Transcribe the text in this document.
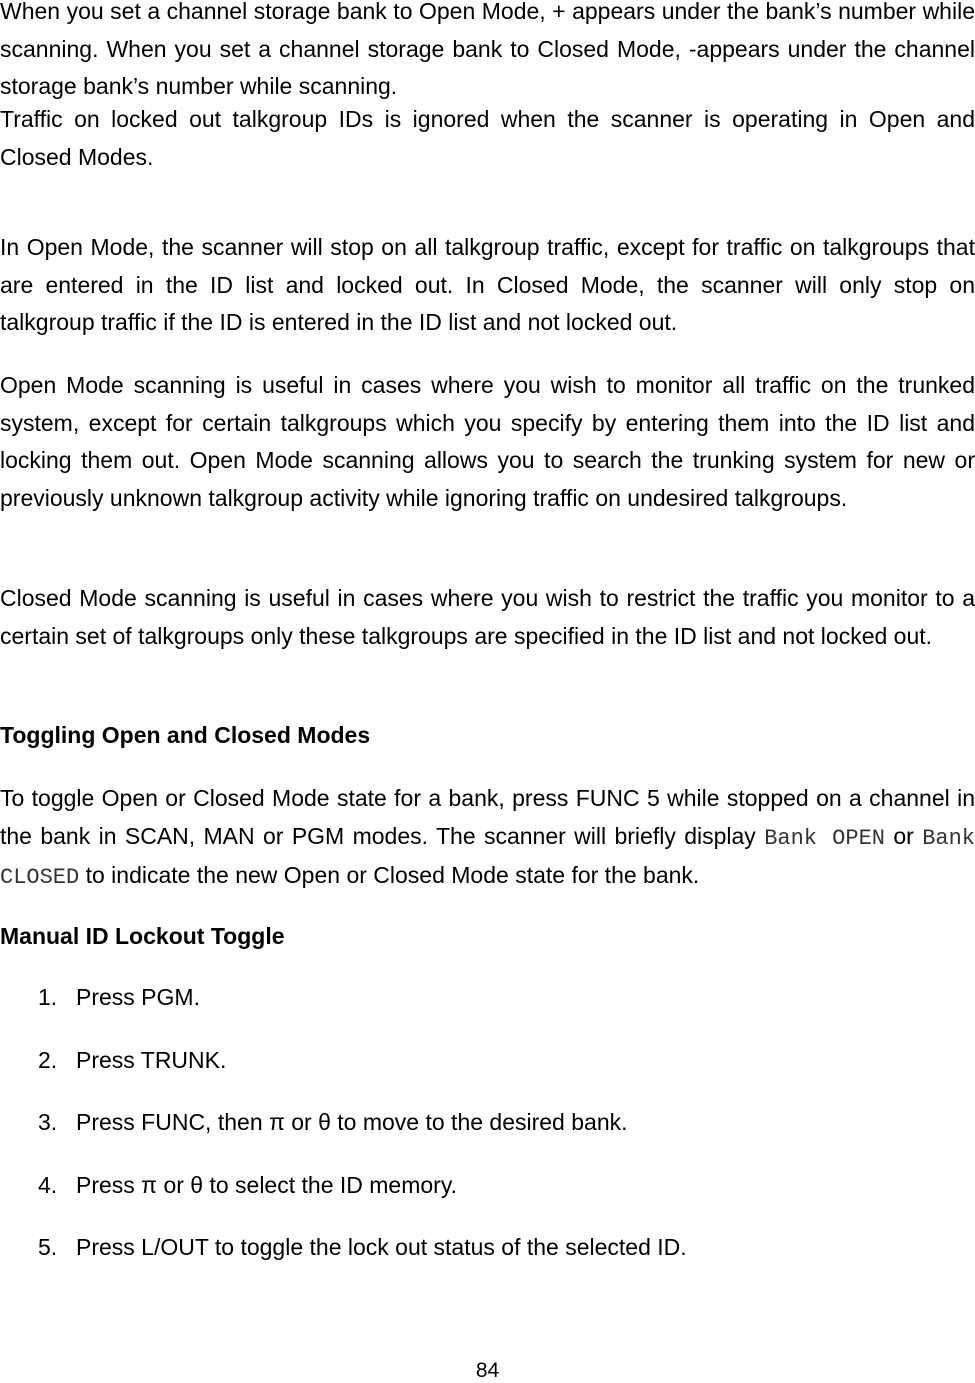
When you set a channel storage bank to Open Mode, + appears under the bank’s number while scanning. When you set a channel storage bank to Closed Mode, -appears under the channel storage bank’s number while scanning.

Traffic on locked out talkgroup IDs is ignored when the scanner is operating in Open and Closed Modes.

In Open Mode, the scanner will stop on all talkgroup traffic, except for traffic on talkgroups that are entered in the ID list and locked out. In Closed Mode, the scanner will only stop on talkgroup traffic if the ID is entered in the ID list and not locked out.

Open Mode scanning is useful in cases where you wish to monitor all traffic on the trunked system, except for certain talkgroups which you specify by entering them into the ID list and locking them out. Open Mode scanning allows you to search the trunking system for new or previously unknown talkgroup activity while ignoring traffic on undesired talkgroups.

Closed Mode scanning is useful in cases where you wish to restrict the traffic you monitor to a certain set of talkgroups only these talkgroups are specified in the ID list and not locked out.

Toggling Open and Closed Modes

To toggle Open or Closed Mode state for a bank, press FUNC 5 while stopped on a channel in the bank in SCAN, MAN or PGM modes. The scanner will briefly display Bank OPEN or Bank CLOSED to indicate the new Open or Closed Mode state for the bank.

Manual ID Lockout Toggle
1. Press PGM.
2. Press TRUNK.
3. Press FUNC, then π or θ to move to the desired bank.
4. Press π or θ to select the ID memory.
5. Press L/OUT to toggle the lock out status of the selected ID.
84
